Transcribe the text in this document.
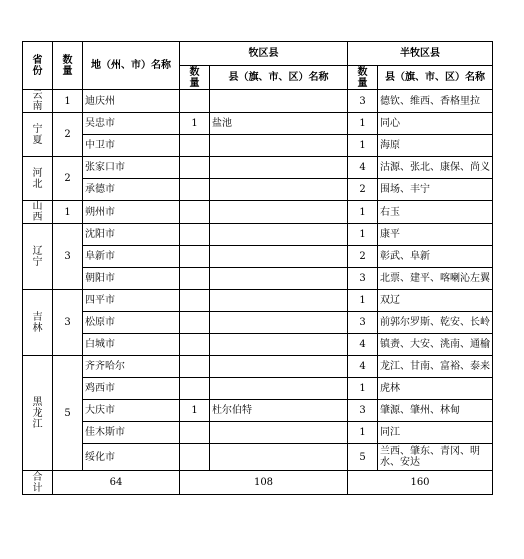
省份	数量	地（州、市）名称	牧区县		半牧区县	
			数量	县（旗、市、区）名称	数量	县（旗、市、区）名称
云南	1	迪庆州			3	德钦、维西、香格里拉
宁夏	2	吴忠市	1	盐池	1	同心
		中卫市			1	海原
河北	2	张家口市			4	沽源、张北、康保、尚义
		承德市			2	围场、丰宁
山西	1	朔州市			1	右玉
辽宁	3	沈阳市			1	康平
		阜新市			2	彰武、阜新
		朝阳市			3	北票、建平、喀喇沁左翼
吉林	3	四平市			1	双辽
		松原市			3	前郭尔罗斯、乾安、长岭
		白城市			4	镇赉、大安、洮南、通榆
黑龙江	5	齐齐哈尔			4	龙江、甘南、富裕、泰来
		鸡西市			1	虎林
		大庆市	1	杜尔伯特	3	肇源、肇州、林甸
		佳木斯市			1	同江
		绥化市			5	兰西、肇东、青冈、明水、安达
合计	64		108		160	
